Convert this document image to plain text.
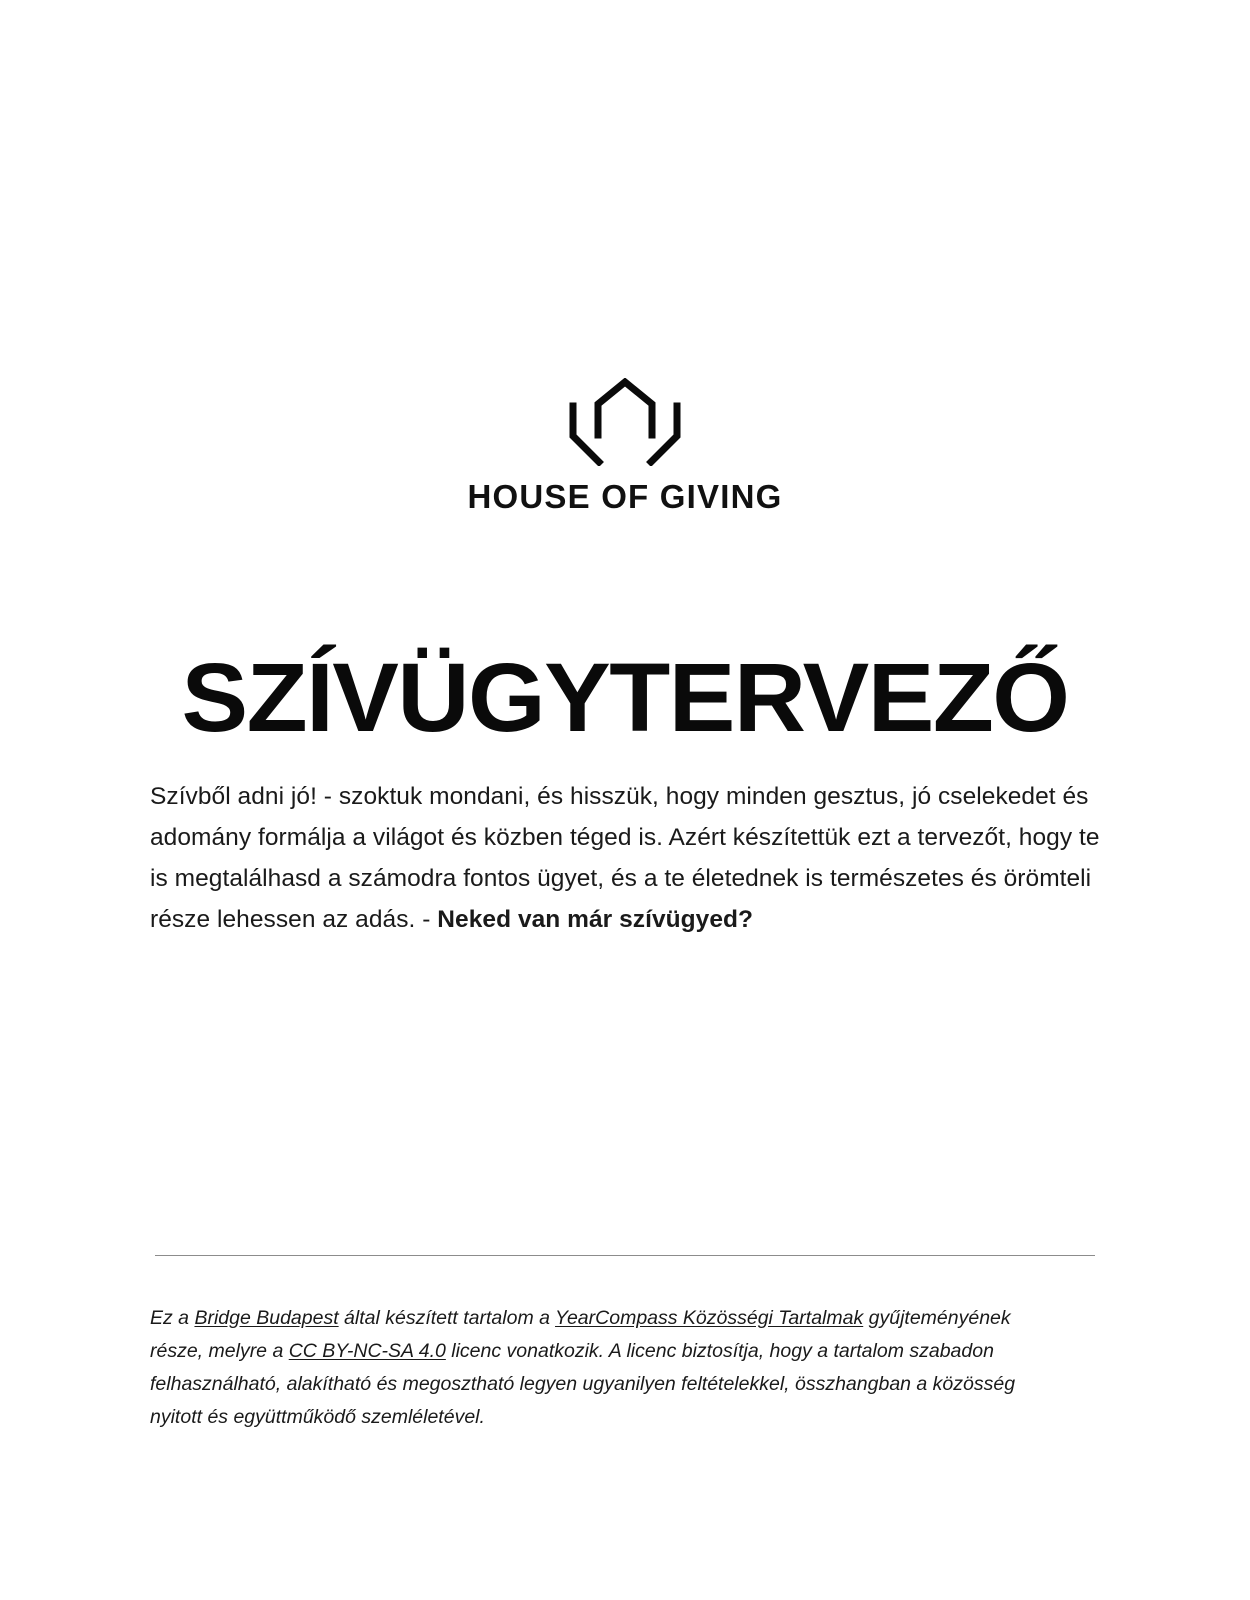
HOUSE OF GIVING
SZÍVÜGYTERVEZŐ

Szívből adni jó! - szoktuk mondani, és hisszük, hogy minden gesztus, jó cselekedet és adomány formálja a világot és közben téged is. Azért készítettük ezt a tervezőt, hogy te is megtalálhasd a számodra fontos ügyet, és a te életednek is természetes és örömteli része lehessen az adás. - Neked van már szívügyed?

Ez a Bridge Budapest által készített tartalom a YearCompass Közösségi Tartalmak gyűjteményének része, melyre a CC BY-NC-SA 4.0 licenc vonatkozik. A licenc biztosítja, hogy a tartalom szabadon felhasználható, alakítható és megosztható legyen ugyanilyen feltételekkel, összhangban a közösség nyitott és együttműködő szemléletével.
